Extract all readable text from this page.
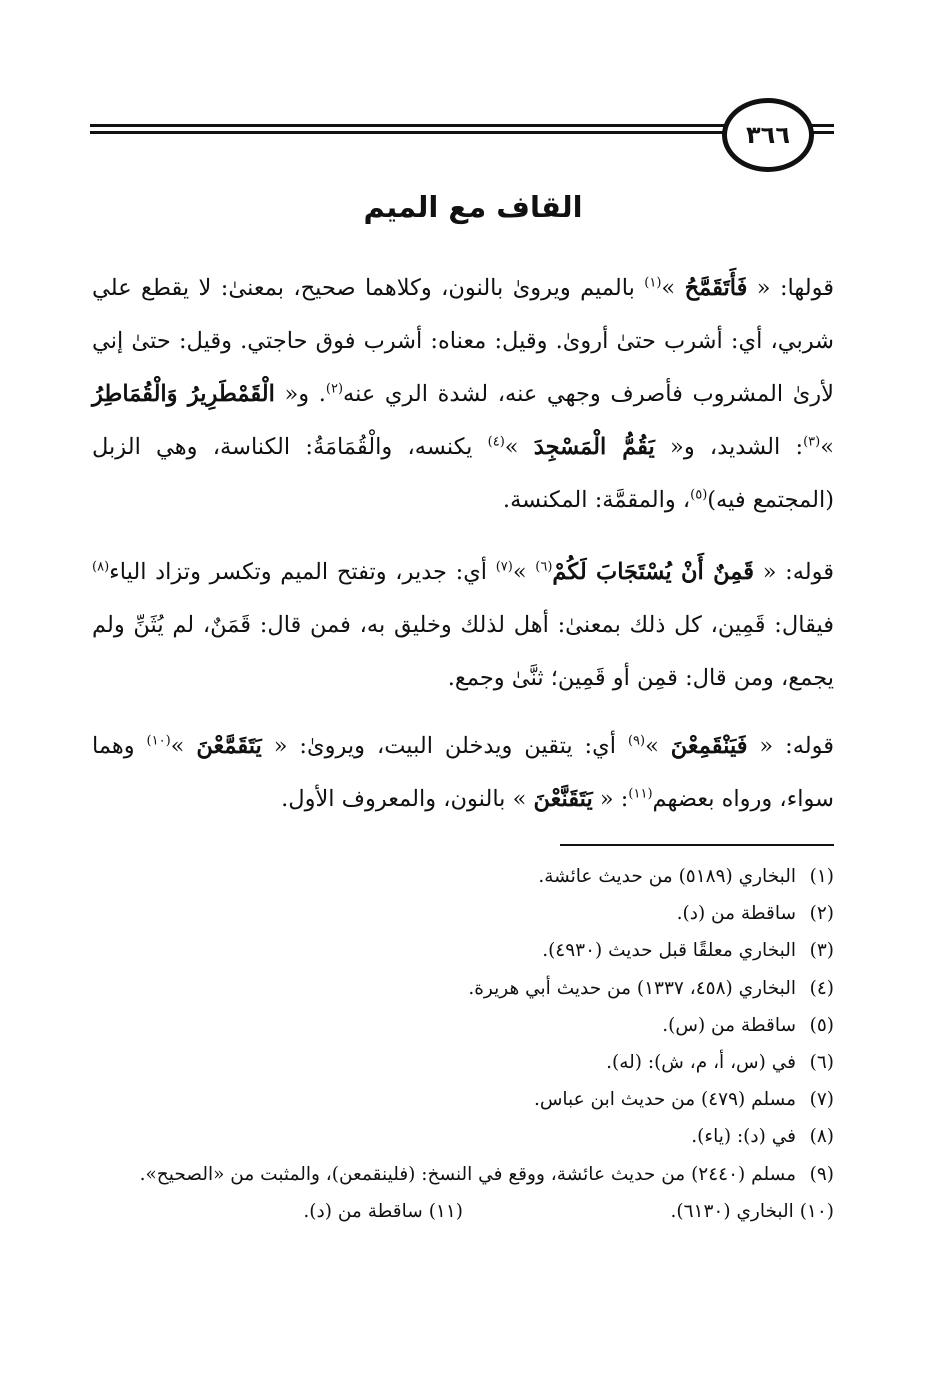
٣٦٦
القاف مع الميم
قولها: « فَأَتَقَمَّحُ »$^{(١)}$ بالميم ويروىٰ بالنون، وكلاهما صحيح، بمعنىٰ: لا يقطع علي شربي، أي: أشرب حتىٰ أروىٰ. وقيل: معناه: أشرب فوق حاجتي. وقيل: حتىٰ إني لأرىٰ المشروب فأصرف وجهي عنه، لشدة الري عنه$^{(٢)}$. و« الْقَمْطَرِيرُ وَالْقُمَاطِرُ »$^{(٣)}$: الشديد، و« يَقُمُّ الْمَسْجِدَ »$^{(٤)}$ يكنسه، والْقُمَامَةُ: الكناسة، وهي الزبل (المجتمع فيه)$^{(٥)}$، والمقمَّة: المكنسة.
قوله: « قَمِنٌ أَنْ يُسْتَجَابَ لَكُمْ$^{(٦)}$ »$^{(٧)}$ أي: جدير، وتفتح الميم وتكسر وتزاد الياء$^{(٨)}$ فيقال: قَمِين، كل ذلك بمعنىٰ: أهل لذلك وخليق به، فمن قال: قَمَنٌ، لم يُثَنِّ ولم يجمع، ومن قال: قمِن أو قَمِين؛ ثنَّىٰ وجمع.
قوله: « فَيَنْقَمِعْنَ »$^{(٩)}$ أي: يتقين ويدخلن البيت، ويروىٰ: « يَتَقَمَّعْنَ »$^{(١٠)}$ وهما سواء، ورواه بعضهم$^{(١١)}$: « يَتَقَنَّعْنَ » بالنون، والمعروف الأول.
(١)البخاري (٥١٨٩) من حديث عائشة.
(٢)ساقطة من (د).
(٣)البخاري معلقًا قبل حديث (٤٩٣٠).
(٤)البخاري (٤٥٨، ١٣٣٧) من حديث أبي هريرة.
(٥)ساقطة من (س).
(٦)في (س، أ، م، ش): (له).
(٧)مسلم (٤٧٩) من حديث ابن عباس.
(٨)في (د): (ياء).
(٩)مسلم (٢٤٤٠) من حديث عائشة، ووقع في النسخ: (فلينقمعن)، والمثبت من «الصحيح».
(١٠) البخاري (٦١٣٠).
(١١) ساقطة من (د).
